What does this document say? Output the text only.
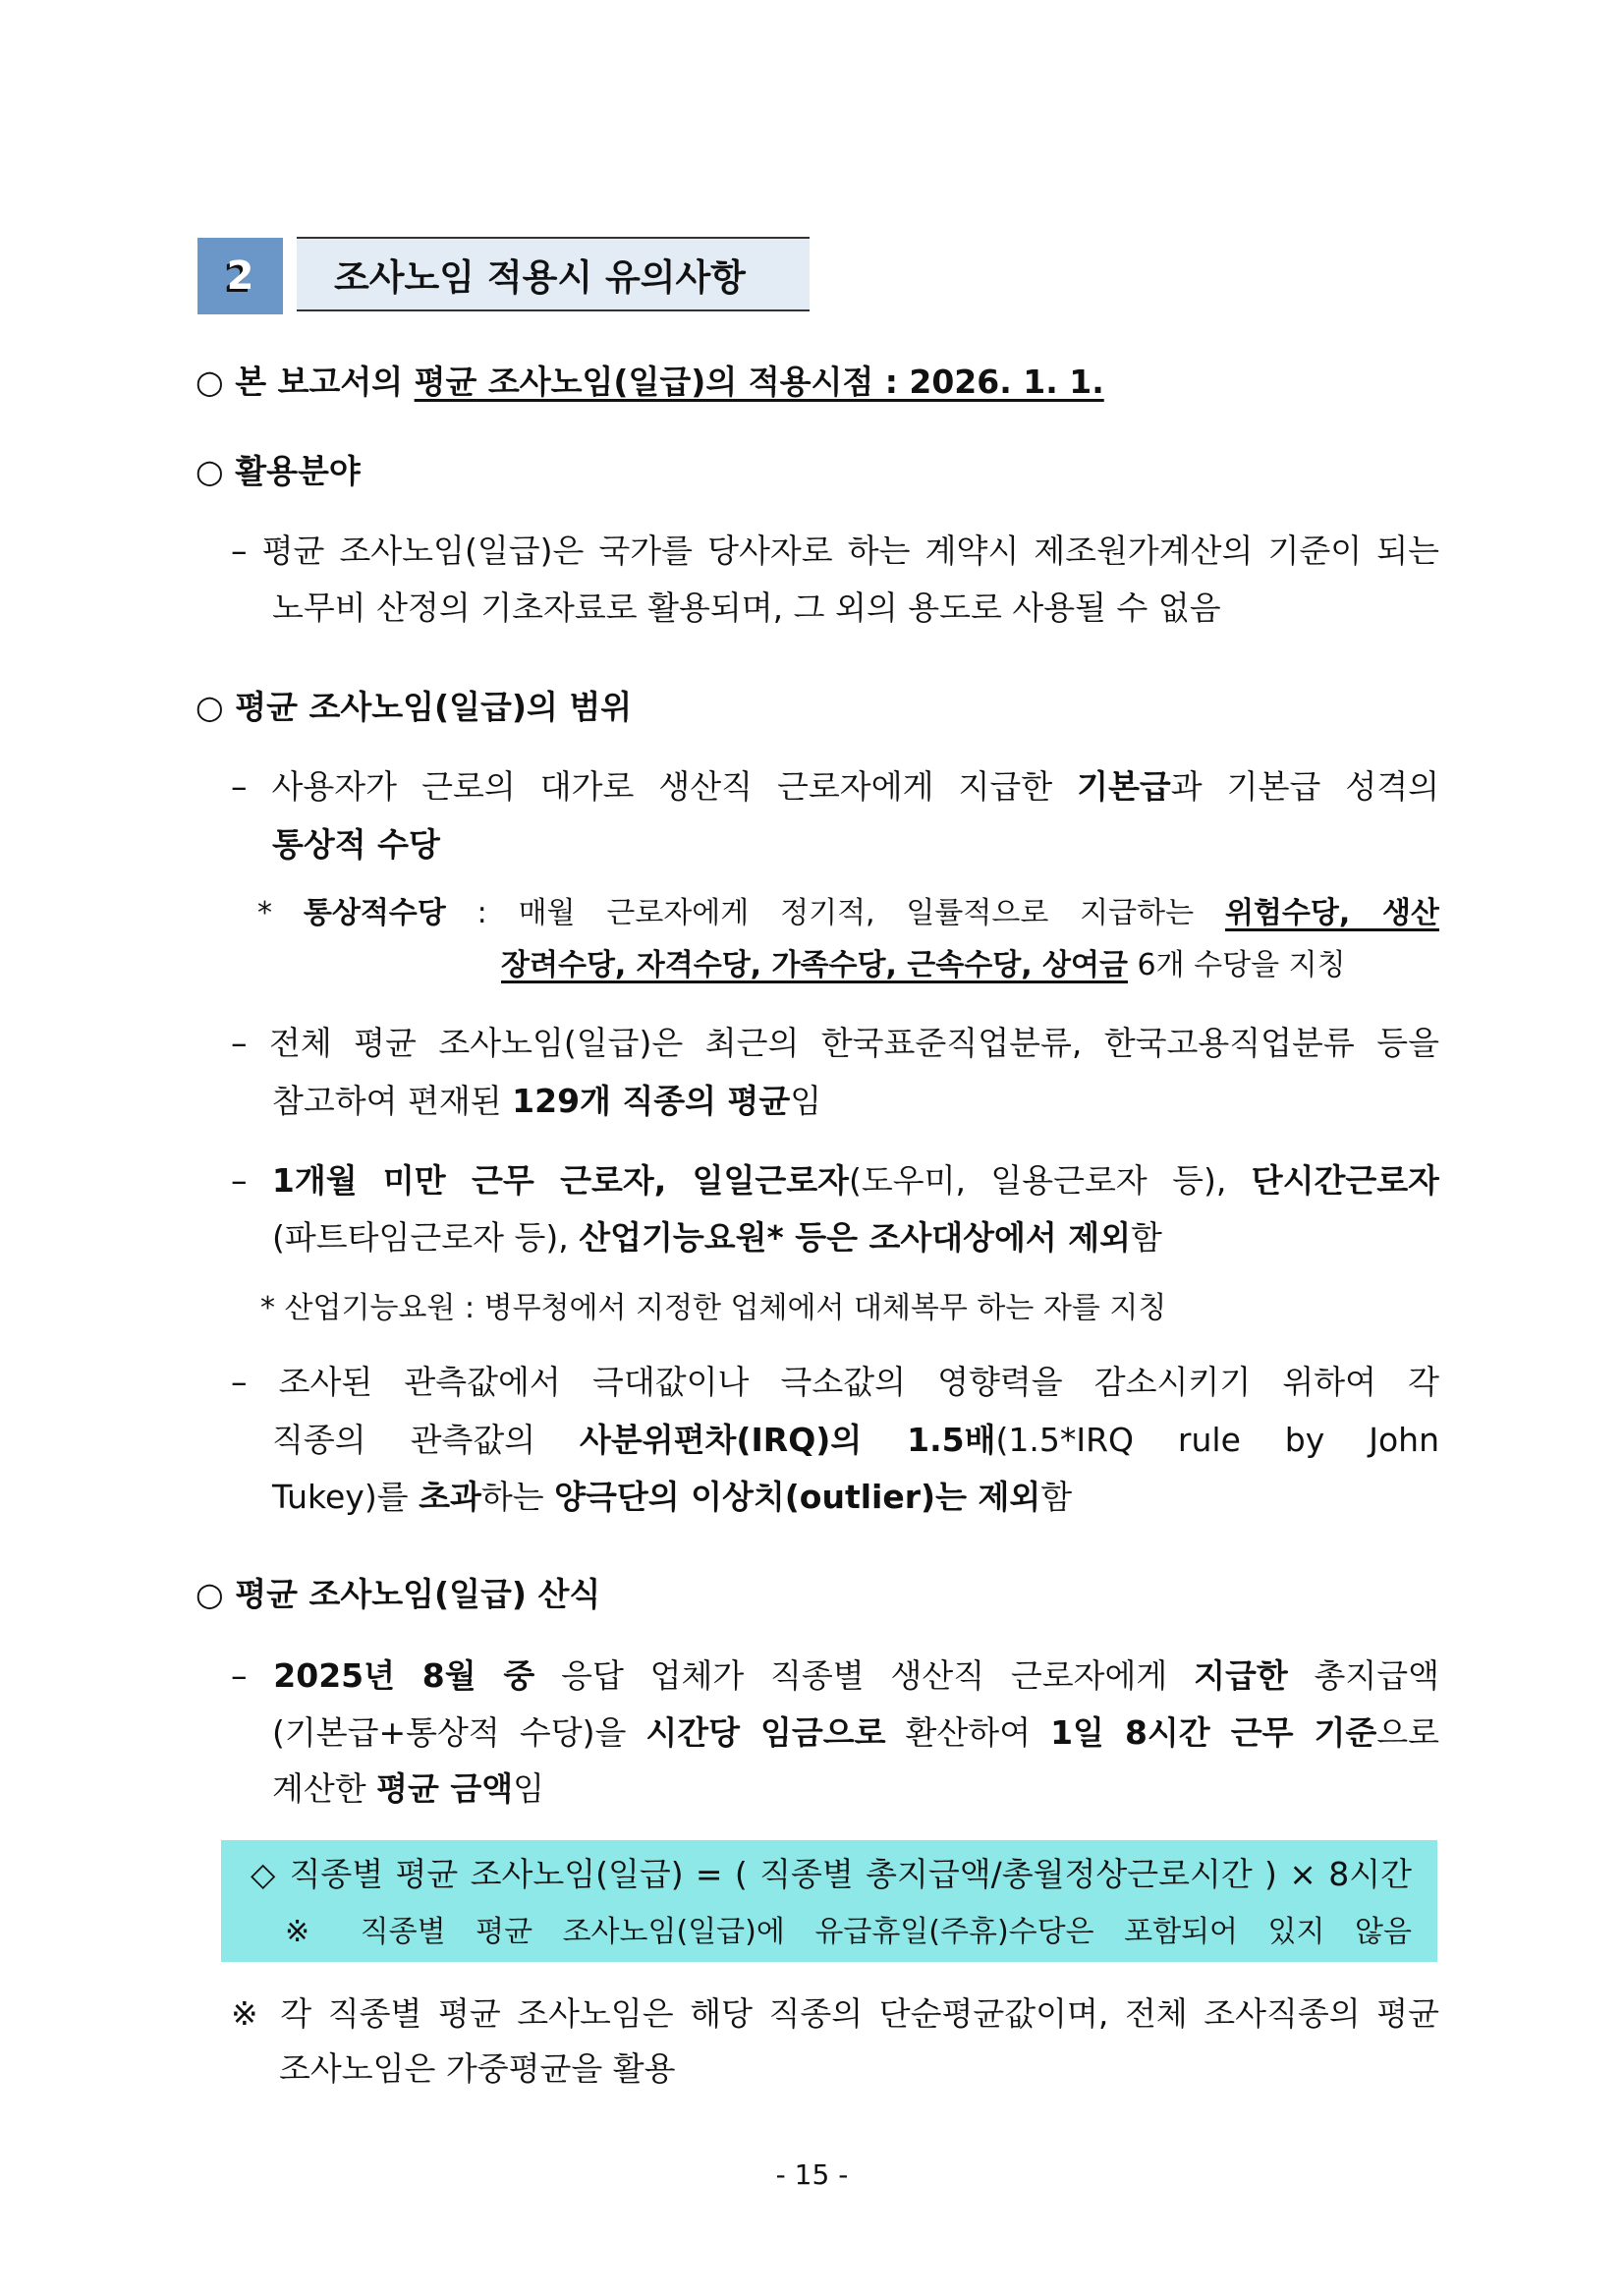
2	조사노임 적용시 유의사항
○ 본 보고서의 평균 조사노임(일급)의 적용시점 : 2026. 1. 1.
○ 활용분야
– 평균 조사노임(일급)은 국가를 당사자로 하는 계약시 제조원가계산의 기준이 되는
노무비 산정의 기초자료로 활용되며, 그 외의 용도로 사용될 수 없음
○ 평균 조사노임(일급)의 범위
– 사용자가 근로의 대가로 생산직 근로자에게 지급한 기본급과 기본급 성격의
통상적 수당
* 통상적수당 : 매월 근로자에게 정기적, 일률적으로 지급하는 위험수당, 생산
장려수당, 자격수당, 가족수당, 근속수당, 상여금 6개 수당을 지칭
– 전체 평균 조사노임(일급)은 최근의 한국표준직업분류, 한국고용직업분류 등을
참고하여 편재된 129개 직종의 평균임
– 1개월 미만 근무 근로자, 일일근로자(도우미, 일용근로자 등), 단시간근로자
(파트타임근로자 등), 산업기능요원* 등은 조사대상에서 제외함
* 산업기능요원 : 병무청에서 지정한 업체에서 대체복무 하는 자를 지칭
– 조사된 관측값에서 극대값이나 극소값의 영향력을 감소시키기 위하여 각
직종의 관측값의 사분위편차(IRQ)의 1.5배(1.5*IRQ rule by John
Tukey)를 초과하는 양극단의 이상치(outlier)는 제외함
○ 평균 조사노임(일급) 산식
– 2025년 8월 중 응답 업체가 직종별 생산직 근로자에게 지급한 총지급액
(기본급+통상적 수당)을 시간당 임금으로 환산하여 1일 8시간 근무 기준으로
계산한 평균 금액임
◇ 직종별 평균 조사노임(일급) = ( 직종별 총지급액/총월정상근로시간 ) × 8시간
※ 직종별 평균 조사노임(일급)에 유급휴일(주휴)수당은 포함되어 있지 않음
※ 각 직종별 평균 조사노임은 해당 직종의 단순평균값이며, 전체 조사직종의 평균
조사노임은 가중평균을 활용
- 15 -
